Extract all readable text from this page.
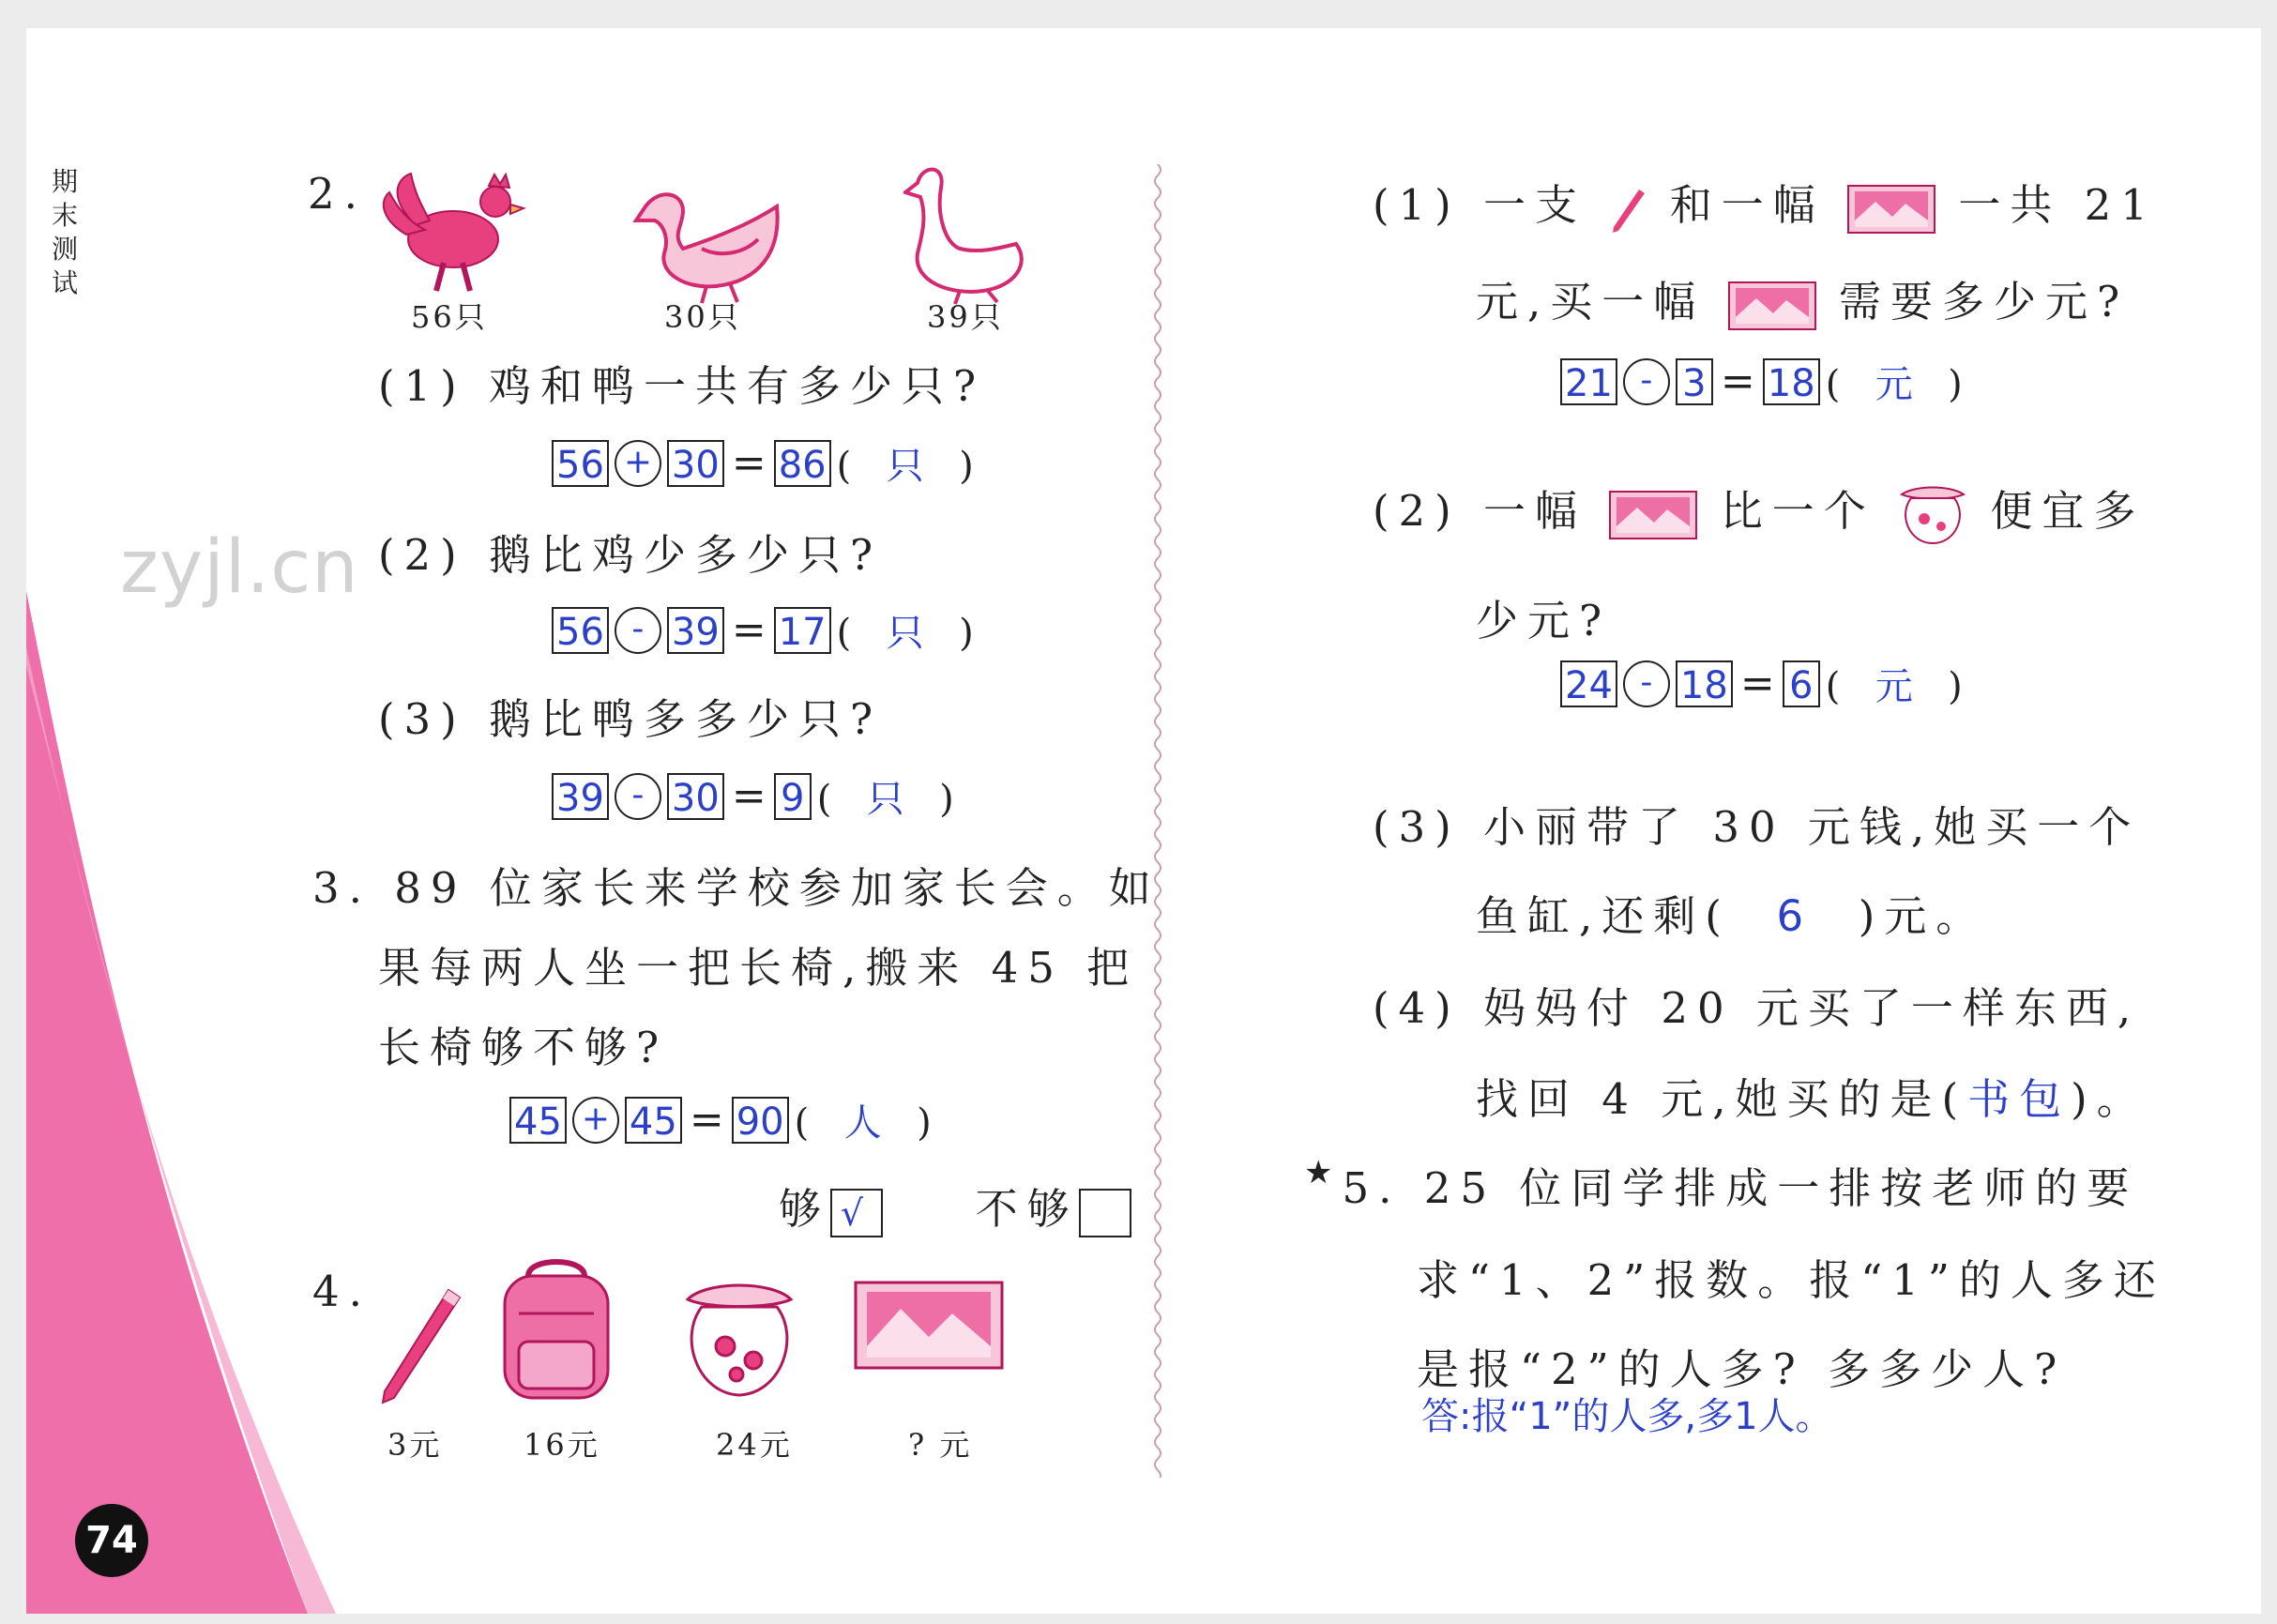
期
末
测
试
zyjl.cn
74
2.
56只	30只	39只
(1) 鸡和鸭一共有多少只?
56 + 30 = 86 (  只  )
(2) 鹅比鸡少多少只?
56 - 39 = 17 (  只  )
(3) 鹅比鸭多多少只?
39 - 30 = 9 (  只  )
3. 89 位家长来学校参加家长会。如
果每两人坐一把长椅,搬来 45 把
长椅够不够?
45 + 45 = 90 (  人  )
够 √ 不够
4.
3元	16元	24元	? 元
(1) 一支 和一幅	一共 21
元,买一幅	需要多少元?
21 - 3 = 18 (  元  )
(2) 一幅	比一个	便宜多
少元?
24 - 18 = 6 (  元  )
(3) 小丽带了 30 元钱,她买一个
鱼缸,还剩( 6 )元。
(4) 妈妈付 20 元买了一样东西,
找回 4 元,她买的是(书包)。
★5. 25 位同学排成一排按老师的要
求“1、2”报数。报“1”的人多还
是报“2”的人多? 多多少人?
答:报“1”的人多,多1人。
